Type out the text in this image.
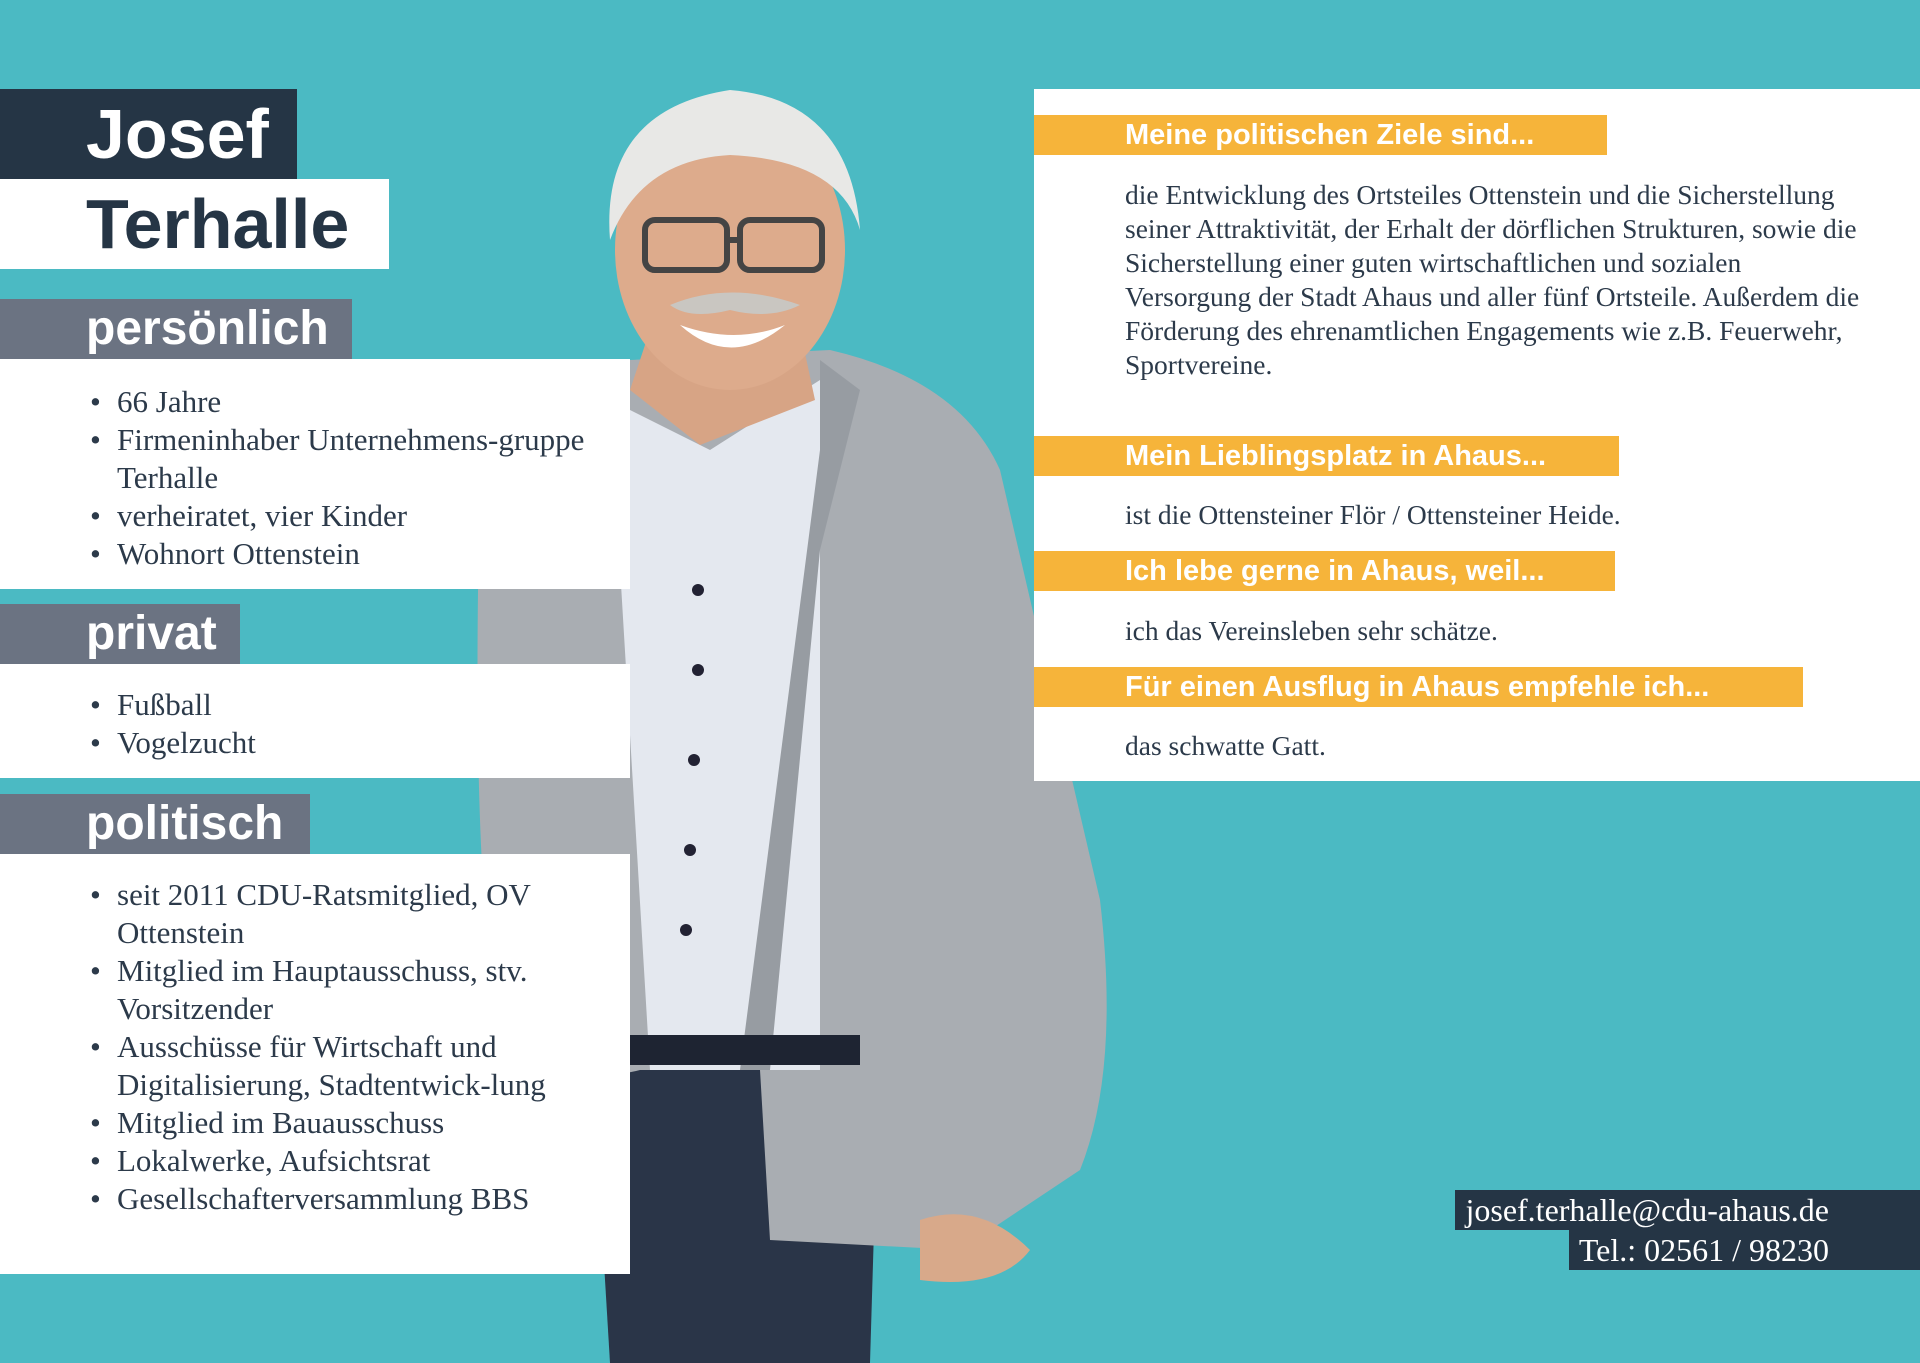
Josef
Terhalle
persönlich
• 66 Jahre
• Firmeninhaber Unternehmens-gruppe Terhalle
• verheiratet, vier Kinder
• Wohnort Ottenstein
privat
• Fußball
• Vogelzucht
politisch
• seit 2011 CDU-Ratsmitglied, OV Ottenstein
• Mitglied im Hauptausschuss, stv. Vorsitzender
• Ausschüsse für Wirtschaft und Digitalisierung, Stadtentwick-lung
• Mitglied im Bauausschuss
• Lokalwerke, Aufsichtsrat
• Gesellschafterversammlung BBS
Meine politischen Ziele sind...
die Entwicklung des Ortsteiles Ottenstein und die Sicherstellung seiner Attraktivität, der Erhalt der dörflichen Strukturen, sowie die Sicherstellung einer guten wirtschaftlichen und sozialen Versorgung der Stadt Ahaus und aller fünf Ortsteile. Außerdem die Förderung des ehrenamtlichen Engagements wie z.B. Feuerwehr, Sportvereine.
Mein Lieblingsplatz in Ahaus...
ist die Ottensteiner Flör / Ottensteiner Heide.
Ich lebe gerne in Ahaus, weil...
ich das Vereinsleben sehr schätze.
Für einen Ausflug in Ahaus empfehle ich...
das schwatte Gatt.
josef.terhalle@cdu-ahaus.de
Tel.: 02561 / 98230
